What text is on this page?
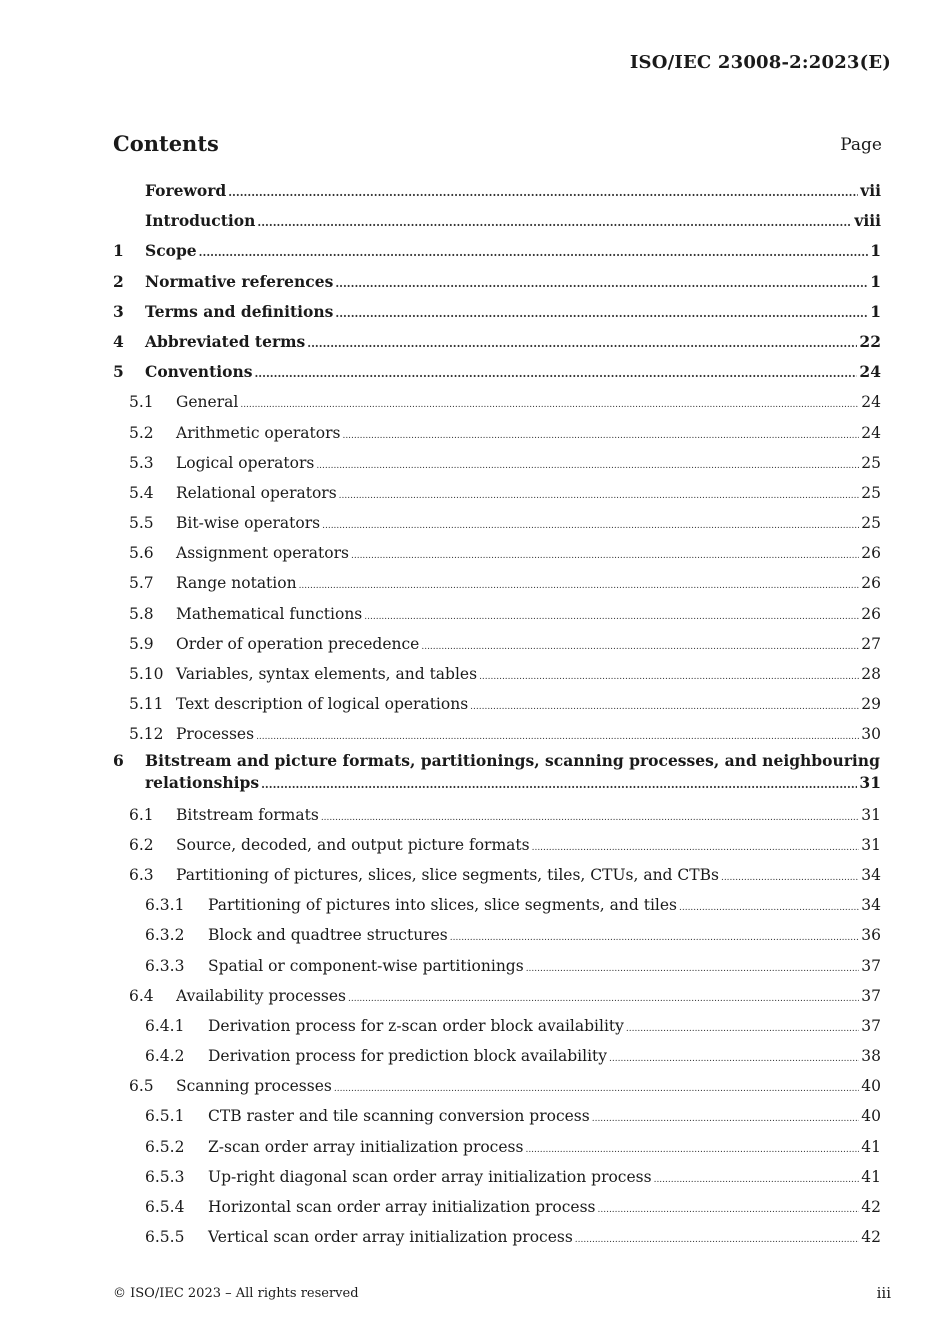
ISO/IEC 23008-2:2023(E)
Contents	Page
Foreword .....	vii
Introduction .....	viii
1	Scope .....	1
2	Normative references .....	1
3	Terms and definitions .....	1
4	Abbreviated terms .....	22
5	Conventions .....	24
5.1	General .....	24
5.2	Arithmetic operators .....	24
5.3	Logical operators .....	25
5.4	Relational operators .....	25
5.5	Bit-wise operators .....	25
5.6	Assignment operators .....	26
5.7	Range notation .....	26
5.8	Mathematical functions .....	26
5.9	Order of operation precedence .....	27
5.10 Variables, syntax elements, and tables .....	28
5.11 Text description of logical operations .....	29
5.12 Processes .....	30
6	Bitstream and picture formats, partitionings, scanning processes, and neighbouring
relationships .....	31
6.1	Bitstream formats .....	31
6.2	Source, decoded, and output picture formats .....	31
6.3	Partitioning of pictures, slices, slice segments, tiles, CTUs, and CTBs .....	34
6.3.1	Partitioning of pictures into slices, slice segments, and tiles .....	34
6.3.2	Block and quadtree structures .....	36
6.3.3	Spatial or component-wise partitionings .....	37
6.4	Availability processes .....	37
6.4.1	Derivation process for z-scan order block availability .....	37
6.4.2	Derivation process for prediction block availability .....	38
6.5	Scanning processes .....	40
6.5.1	CTB raster and tile scanning conversion process .....	40
6.5.2	Z-scan order array initialization process .....	41
6.5.3	Up-right diagonal scan order array initialization process .....	41
6.5.4	Horizontal scan order array initialization process .....	42
6.5.5	Vertical scan order array initialization process .....	42
© ISO/IEC 2023 – All rights reserved	iii
